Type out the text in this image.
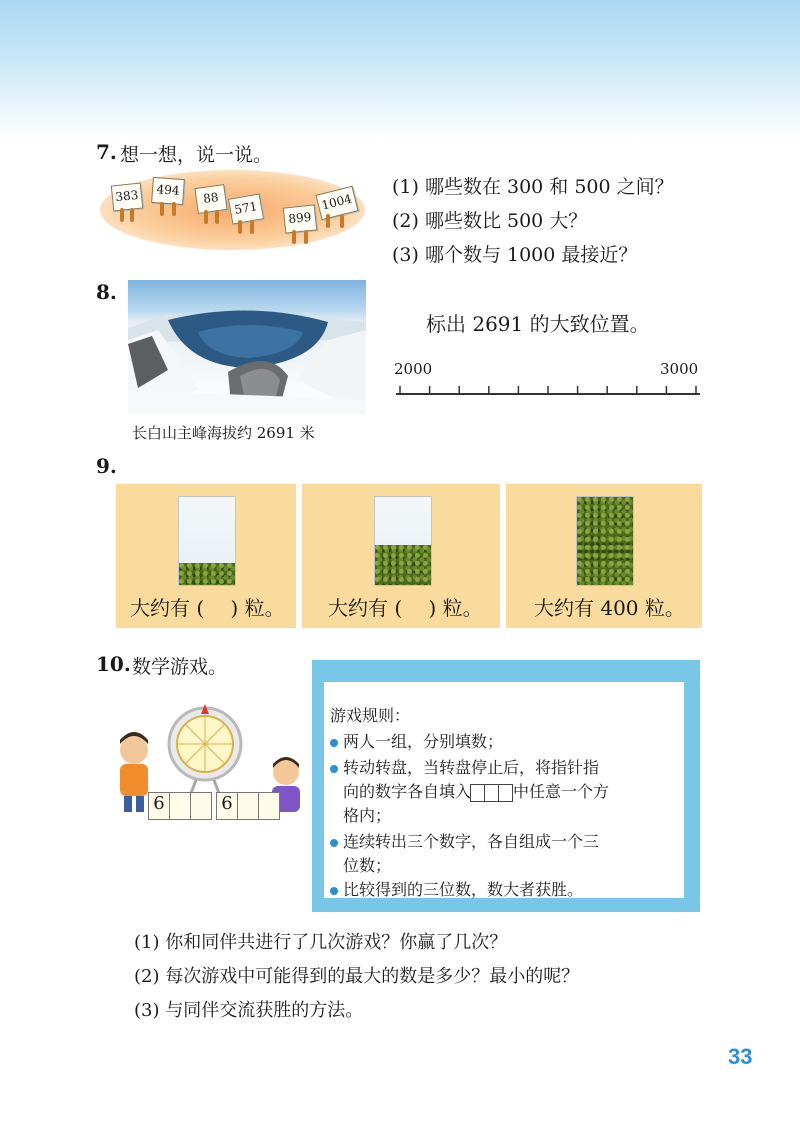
7. 想一想，说一说。
383	494
88
571
899
1004
(1) 哪些数在 300 和 500 之间？
(2) 哪些数比 500 大？
(3) 哪个数与 1000 最接近？
8.
长白山主峰海拔约 2691 米
标出 2691 的大致位置。
2000	3000
9.
大约有 (　 ) 粒。 大约有 (　 ) 粒。	大约有 400 粒。
10. 数学游戏。
6	6
游戏规则：
两人一组，分别填数；
转动转盘，当转盘停止后，将指针指
向的数字各自填入	中任意一个方
格内；
连续转出三个数字，各自组成一个三
位数；
比较得到的三位数，数大者获胜。
(1) 你和同伴共进行了几次游戏？你赢了几次？
(2) 每次游戏中可能得到的最大的数是多少？最小的呢？
(3) 与同伴交流获胜的方法。
33
